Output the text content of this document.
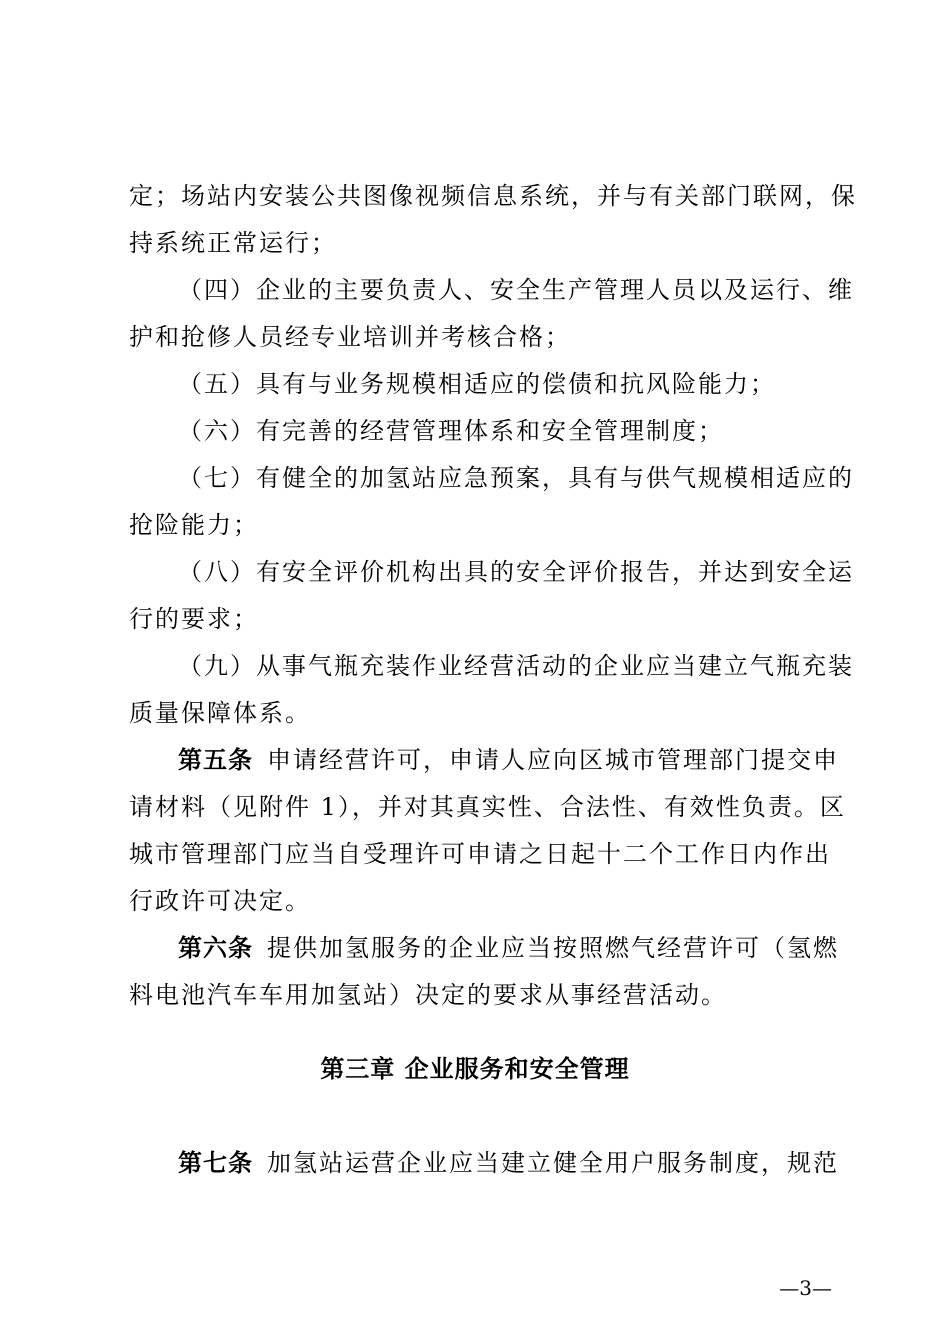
定；场站内安装公共图像视频信息系统，并与有关部门联网，保
持系统正常运行；
（四）企业的主要负责人、安全生产管理人员以及运行、维
护和抢修人员经专业培训并考核合格；
（五）具有与业务规模相适应的偿债和抗风险能力；
（六）有完善的经营管理体系和安全管理制度；
（七）有健全的加氢站应急预案，具有与供气规模相适应的
抢险能力；
（八）有安全评价机构出具的安全评价报告，并达到安全运
行的要求；
（九）从事气瓶充装作业经营活动的企业应当建立气瓶充装
质量保障体系。
第五条 申请经营许可，申请人应向区城市管理部门提交申
请材料（见附件 1），并对其真实性、合法性、有效性负责。区
城市管理部门应当自受理许可申请之日起十二个工作日内作出
行政许可决定。
第六条 提供加氢服务的企业应当按照燃气经营许可（氢燃
料电池汽车车用加氢站）决定的要求从事经营活动。
第三章 企业服务和安全管理
第七条 加氢站运营企业应当建立健全用户服务制度，规范
—3—
